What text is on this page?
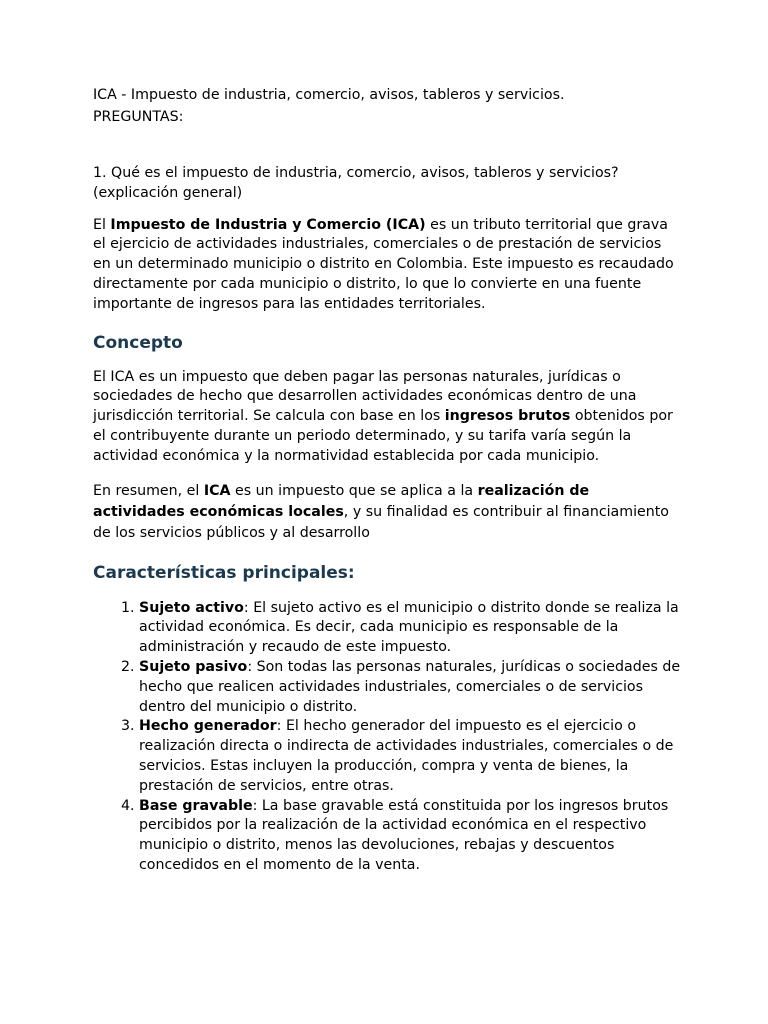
ICA - Impuesto de industria, comercio, avisos, tableros y servicios.

PREGUNTAS:

1. Qué es el impuesto de industria, comercio, avisos, tableros y servicios?

(explicación general)

El Impuesto de Industria y Comercio (ICA) es un tributo territorial que grava el ejercicio de actividades industriales, comerciales o de prestación de servicios en un determinado municipio o distrito en Colombia. Este impuesto es recaudado directamente por cada municipio o distrito, lo que lo convierte en una fuente importante de ingresos para las entidades territoriales.

Concepto

El ICA es un impuesto que deben pagar las personas naturales, jurídicas o sociedades de hecho que desarrollen actividades económicas dentro de una jurisdicción territorial. Se calcula con base en los ingresos brutos obtenidos por el contribuyente durante un periodo determinado, y su tarifa varía según la actividad económica y la normatividad establecida por cada municipio.

En resumen, el ICA es un impuesto que se aplica a la realización de actividades económicas locales, y su finalidad es contribuir al financiamiento de los servicios públicos y al desarrollo

Características principales:
1. Sujeto activo: El sujeto activo es el municipio o distrito donde se realiza la actividad económica. Es decir, cada municipio es responsable de la administración y recaudo de este impuesto.
2. Sujeto pasivo: Son todas las personas naturales, jurídicas o sociedades de hecho que realicen actividades industriales, comerciales o de servicios dentro del municipio o distrito.
3. Hecho generador: El hecho generador del impuesto es el ejercicio o realización directa o indirecta de actividades industriales, comerciales o de servicios. Estas incluyen la producción, compra y venta de bienes, la prestación de servicios, entre otras.
4. Base gravable: La base gravable está constituida por los ingresos brutos percibidos por la realización de la actividad económica en el respectivo municipio o distrito, menos las devoluciones, rebajas y descuentos concedidos en el momento de la venta.
